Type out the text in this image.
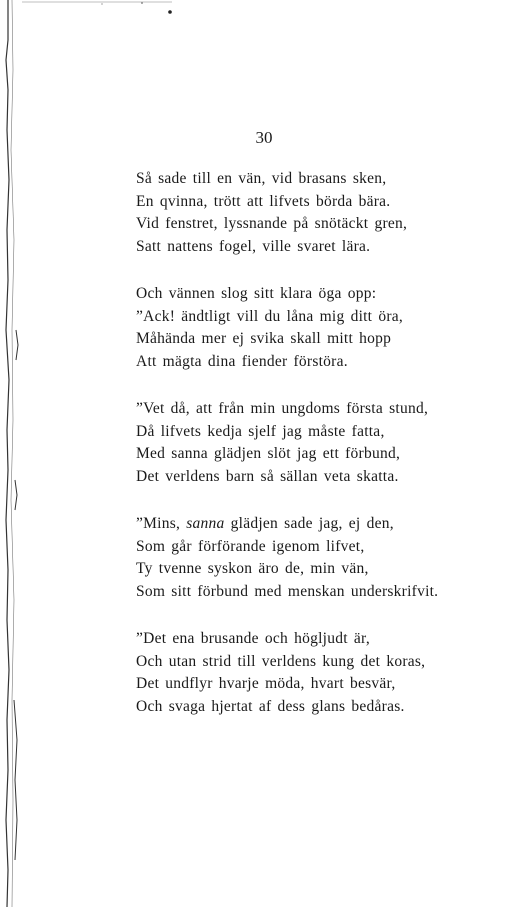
30
Så sade till en vän, vid brasans sken,
En qvinna, trött att lifvets börda bära.
Vid fenstret, lyssnande på snötäckt gren,
Satt nattens fogel, ville svaret lära.
Och vännen slog sitt klara öga opp:
”Ack! ändtligt vill du låna mig ditt öra,
Måhända mer ej svika skall mitt hopp
Att mägta dina fiender förstöra.
”Vet då, att från min ungdoms första stund,
Då lifvets kedja sjelf jag måste fatta,
Med sanna glädjen slöt jag ett förbund,
Det verldens barn så sällan veta skatta.
”Mins, sanna glädjen sade jag, ej den,
Som går förförande igenom lifvet,
Ty tvenne syskon äro de, min vän,
Som sitt förbund med menskan underskrifvit.
”Det ena brusande och högljudt är,
Och utan strid till verldens kung det koras,
Det undflyr hvarje möda, hvart besvär,
Och svaga hjertat af dess glans bedåras.
